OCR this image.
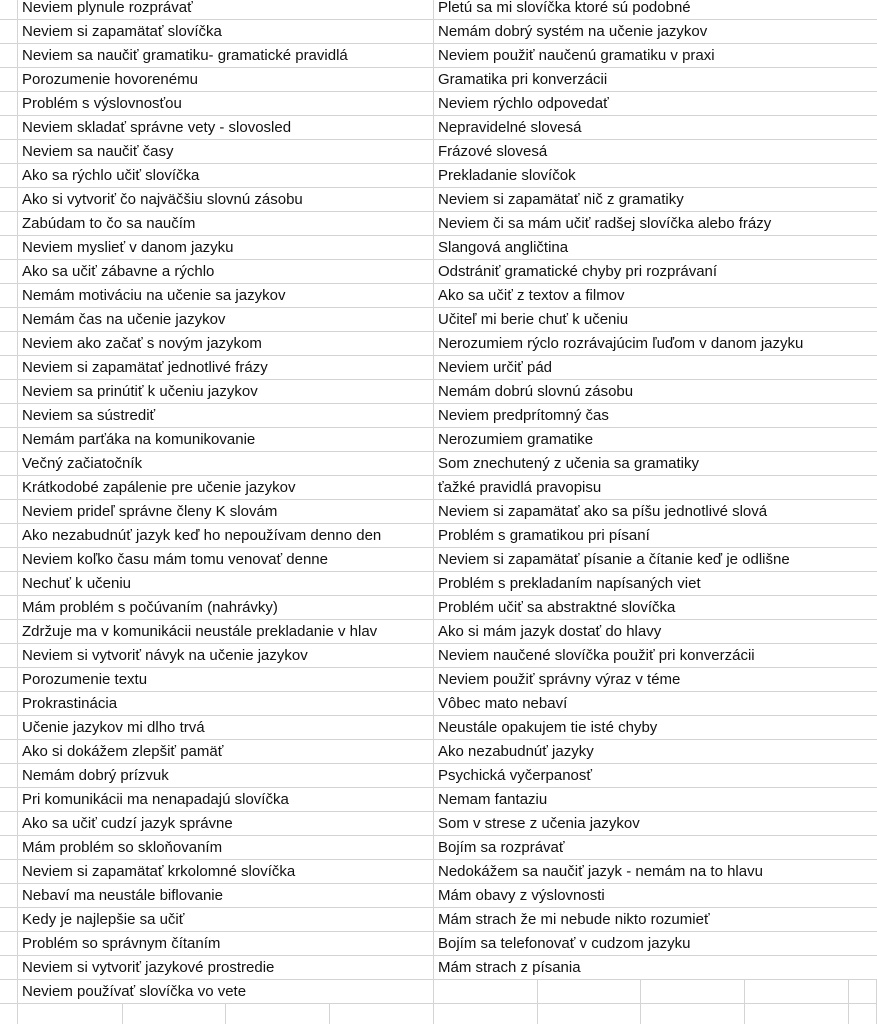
Neviem plynule rozprávať	Pletú sa mi slovíčka ktoré sú podobné
Neviem si zapamätať slovíčka	Nemám dobrý systém na učenie jazykov
Neviem sa naučiť gramatiku- gramatické pravidlá	Neviem použiť naučenú gramatiku v praxi
Porozumenie hovorenému	Gramatika pri konverzácii
Problém s výslovnosťou	Neviem rýchlo odpovedať
Neviem skladať správne vety - slovosled	Nepravidelné slovesá
Neviem sa naučiť časy	Frázové slovesá
Ako sa rýchlo učiť slovíčka	Prekladanie slovíčok
Ako si vytvoriť čo najväčšiu slovnú zásobu	Neviem si zapamätať nič z gramatiky
Zabúdam to čo sa naučím	Neviem či sa mám učiť radšej slovíčka alebo frázy
Neviem myslieť v danom jazyku	Slangová angličtina
Ako sa učiť zábavne a rýchlo	Odstrániť gramatické chyby pri rozprávaní
Nemám motiváciu na učenie sa jazykov	Ako sa učiť z textov a filmov
Nemám čas na učenie jazykov	Učiteľ mi berie chuť k učeniu
Neviem ako začať s novým jazykom	Nerozumiem rýclo rozrávajúcim ľuďom v danom jazyku
Neviem si zapamätať jednotlivé frázy	Neviem určiť pád
Neviem sa prinútiť k učeniu jazykov	Nemám dobrú slovnú zásobu
Neviem sa sústrediť	Neviem predprítomný čas
Nemám parťáka na komunikovanie	Nerozumiem gramatike
Večný začiatočník	Som znechutený z učenia sa gramatiky
Krátkodobé zapálenie pre učenie jazykov	ťažké pravidlá pravopisu
Neviem prideľ správne členy K slovám	Neviem si zapamätať ako sa píšu jednotlivé slová
Ako nezabudnúť jazyk keď ho nepoužívam denno den	Problém s gramatikou pri písaní
Neviem koľko času mám tomu venovať denne	Neviem si zapamätať písanie a čítanie keď je odlišne
Nechuť k učeniu	Problém s prekladaním napísaných viet
Mám problém s počúvaním (nahrávky)	Problém učiť sa abstraktné slovíčka
Zdržuje ma v komunikácii neustále prekladanie v hlav	Ako si mám jazyk dostať do hlavy
Neviem si vytvoriť návyk na učenie jazykov	Neviem naučené slovíčka použiť pri konverzácii
Porozumenie textu	Neviem použiť správny výraz v téme
Prokrastinácia	Vôbec mato nebaví
Učenie jazykov mi dlho trvá	Neustále opakujem tie isté chyby
Ako si dokážem zlepšiť pamäť	Ako nezabudnúť jazyky
Nemám dobrý prízvuk	Psychická vyčerpanosť
Pri komunikácii ma nenapadajú slovíčka	Nemam fantaziu
Ako sa učiť cudzí jazyk správne	Som v strese z učenia jazykov
Mám problém so skloňovaním	Bojím sa rozprávať
Neviem si zapamätať krkolomné slovíčka	Nedokážem sa naučiť jazyk - nemám na to hlavu
Nebaví ma neustále biflovanie	Mám obavy z výslovnosti
Kedy je najlepšie sa učiť	Mám strach že mi nebude nikto rozumieť
Problém so správnym čítaním	Bojím sa telefonovať v cudzom jazyku
Neviem si vytvoriť jazykové prostredie	Mám strach z písania
Neviem používať slovíčka vo vete
